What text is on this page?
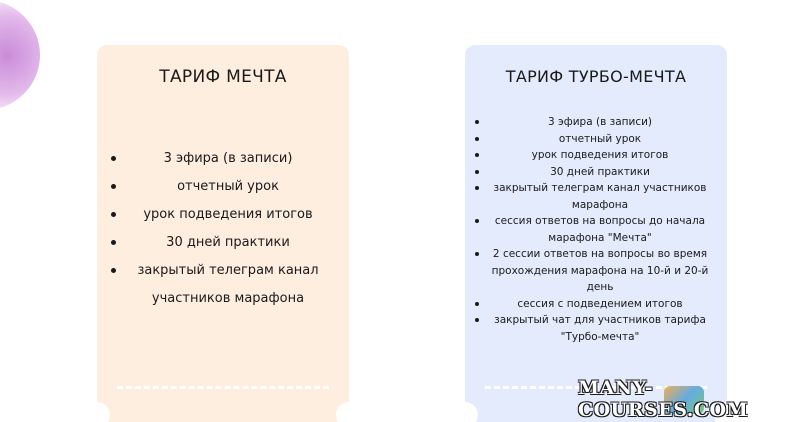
ТАРИФ МЕЧТА
3 эфира (в записи)
отчетный урок
урок подведения итогов
30 дней практики
закрытый телеграм канал участников марафона
ТАРИФ ТУРБО-МЕЧТА
3 эфира (в записи)
отчетный урок
урок подведения итогов
30 дней практики
закрытый телеграм канал участников марафона
сессия ответов на вопросы до начала марафона "Мечта"
2 сессии ответов на вопросы во время прохождения марафона на 10-й и 20-й день
сессия с подведением итогов
закрытый чат для участников тарифа "Турбо-мечта"
MANY-COURSES.COM
